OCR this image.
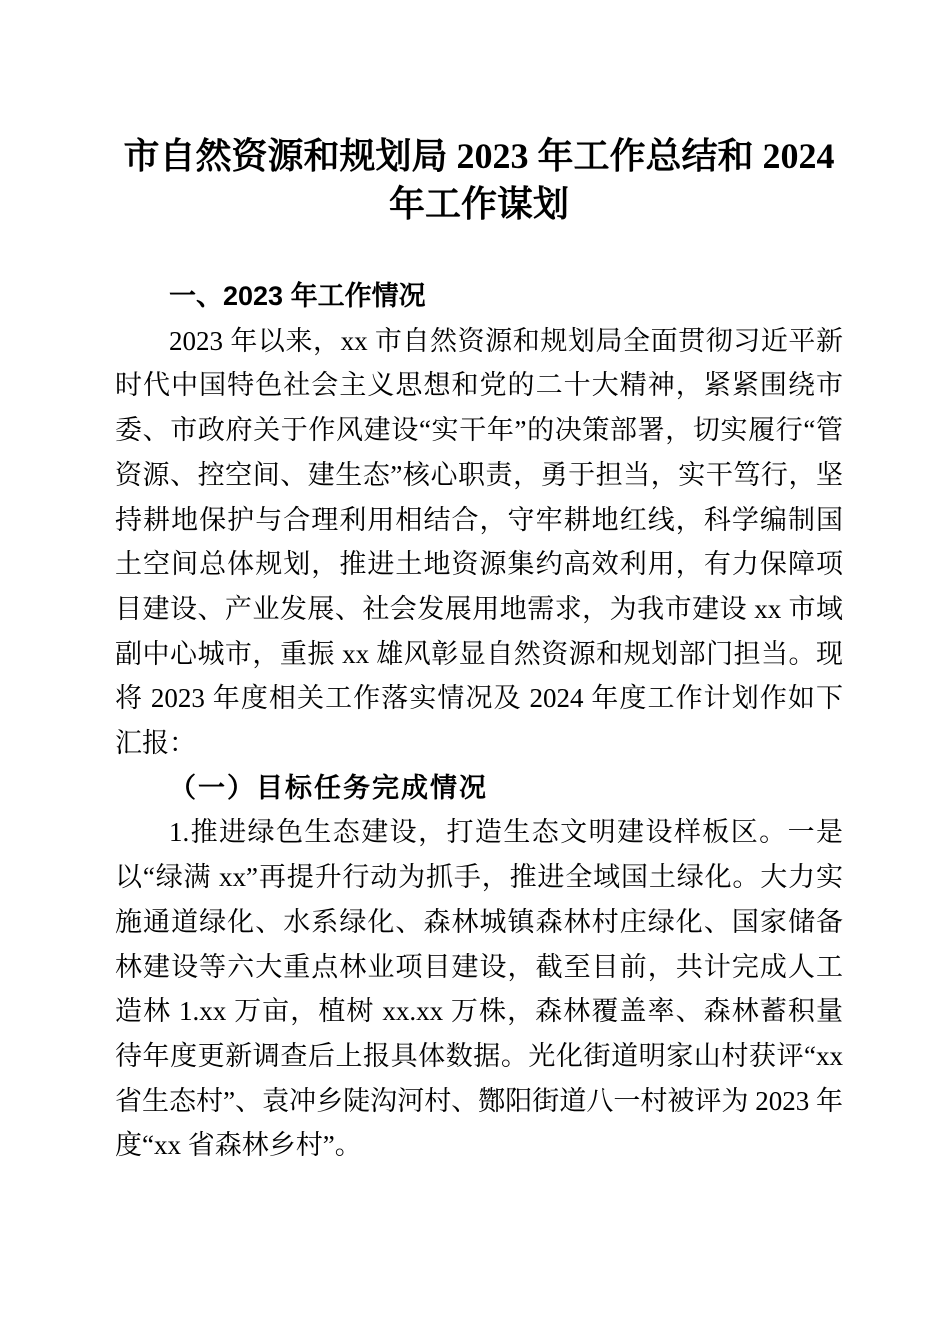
市自然资源和规划局 2023 年工作总结和 2024
年工作谋划
一、2023 年工作情况

2023 年以来，xx 市自然资源和规划局全面贯彻习近平新时代中国特色社会主义思想和党的二十大精神，紧紧围绕市委、市政府关于作风建设“实干年”的决策部署，切实履行“管资源、控空间、建生态”核心职责，勇于担当，实干笃行，坚持耕地保护与合理利用相结合，守牢耕地红线，科学编制国土空间总体规划，推进土地资源集约高效利用，有力保障项目建设、产业发展、社会发展用地需求，为我市建设 xx 市域副中心城市，重振 xx 雄风彰显自然资源和规划部门担当。现将 2023 年度相关工作落实情况及 2024 年度工作计划作如下汇报：

（一）目标任务完成情况

1.推进绿色生态建设，打造生态文明建设样板区。一是以“绿满 xx”再提升行动为抓手，推进全域国土绿化。大力实施通道绿化、水系绿化、森林城镇森林村庄绿化、国家储备林建设等六大重点林业项目建设，截至目前，共计完成人工造林 1.xx 万亩，植树 xx.xx 万株，森林覆盖率、森林蓄积量待年度更新调查后上报具体数据。光化街道明家山村获评“xx 省生态村”、袁冲乡陡沟河村、酂阳街道八一村被评为 2023 年度“xx 省森林乡村”。
